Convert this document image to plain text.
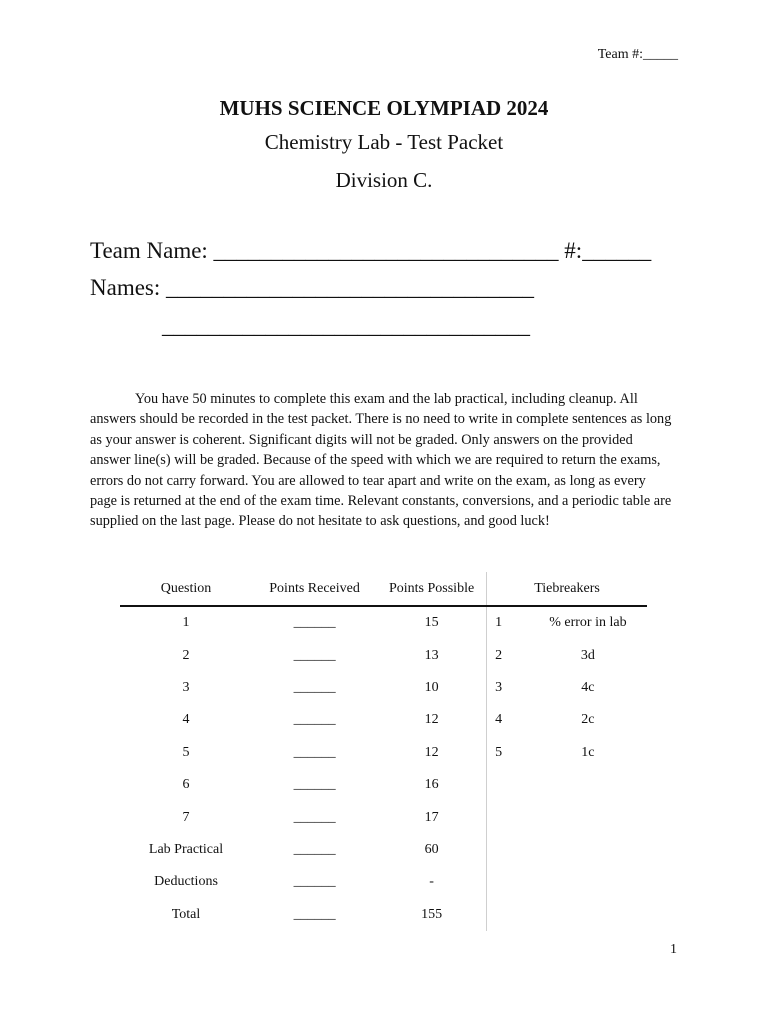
Team #:_____
MUHS SCIENCE OLYMPIAD 2024
Chemistry Lab - Test Packet
Division C.
Team Name: ______________________________ #:______
Names: ________________________________
________________________________
You have 50 minutes to complete this exam and the lab practical, including cleanup. All answers should be recorded in the test packet. There is no need to write in complete sentences as long as your answer is coherent. Significant digits will not be graded. Only answers on the provided answer line(s) will be graded. Because of the speed with which we are required to return the exams, errors do not carry forward. You are allowed to tear apart and write on the exam, as long as every page is returned at the end of the exam time. Relevant constants, conversions, and a periodic table are supplied on the last page. Please do not hesitate to ask questions, and good luck!
Question	Points Received	Points Possible	Tiebreakers	
1	______	15	1	% error in lab
2	______	13	2	3d
3	______	10	3	4c
4	______	12	4	2c
5	______	12	5	1c
6	______	16		
7	______	17		
Lab Practical	______	60		
Deductions	______	-		
Total	______	155		
1
